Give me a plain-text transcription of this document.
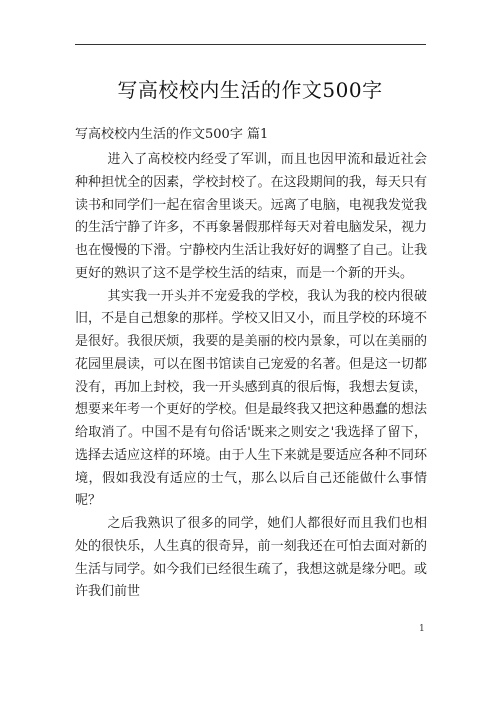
写高校校内生活的作文500字
写高校校内生活的作文500字 篇1

进入了高校校内经受了军训，而且也因甲流和最近社会种种担忧全的因素，学校封校了。在这段期间的我，每天只有读书和同学们一起在宿舍里谈天。远离了电脑，电视我发觉我的生活宁静了许多，不再象暑假那样每天对着电脑发呆，视力也在慢慢的下滑。宁静校内生活让我好好的调整了自己。让我更好的熟识了这不是学校生活的结束，而是一个新的开头。

其实我一开头并不宠爱我的学校，我认为我的校内很破旧，不是自己想象的那样。学校又旧又小，而且学校的环境不是很好。我很厌烦，我要的是美丽的校内景象，可以在美丽的花园里晨读，可以在图书馆读自己宠爱的名著。但是这一切都没有，再加上封校，我一开头感到真的很后悔，我想去复读，想要来年考一个更好的学校。但是最终我又把这种愚蠢的想法给取消了。中国不是有句俗话'既来之则安之'我选择了留下，选择去适应这样的环境。由于人生下来就是要适应各种不同环境，假如我没有适应的士气，那么以后自己还能做什么事情呢？

之后我熟识了很多的同学，她们人都很好而且我们也相处的很快乐，人生真的很奇异，前一刻我还在可怕去面对新的生活与同学。如今我们已经很生疏了，我想这就是缘分吧。或许我们前世

1
